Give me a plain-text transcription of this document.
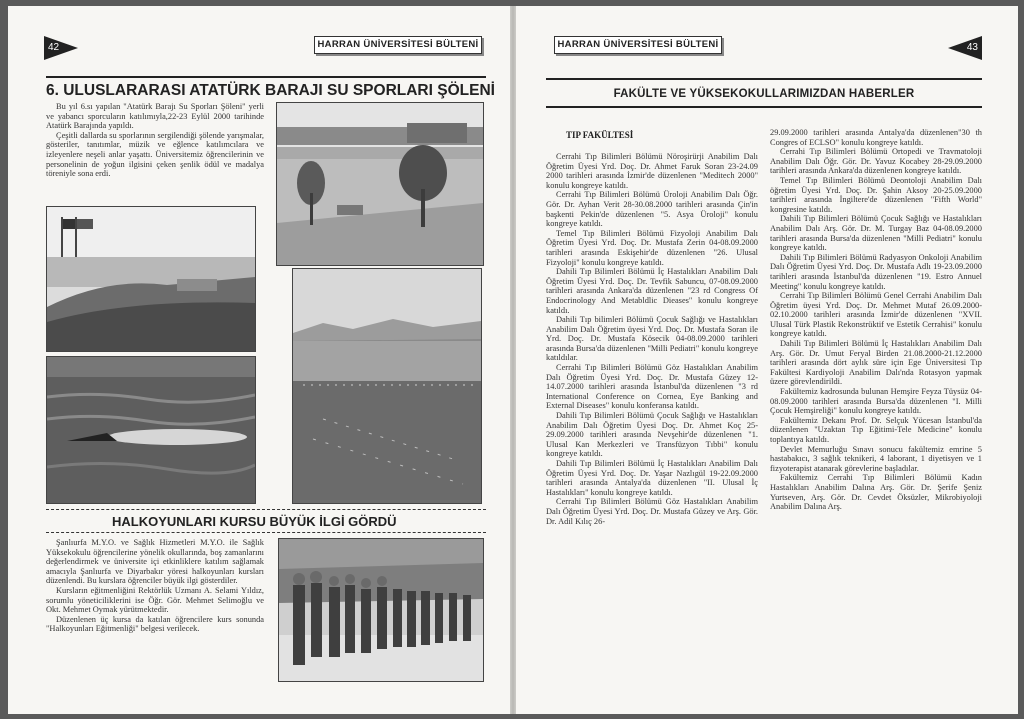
42	HARRAN ÜNİVERSİTESİ BÜLTENİ
6. ULUSLARARASI ATATÜRK BARAJI SU SPORLARI ŞÖLENİ

Bu yıl 6.sı yapılan "Atatürk Barajı Su Sporları Şöleni" yerli ve yabancı sporcuların katılımıyla,22-23 Eylül 2000 tarihinde Atatürk Barajında yapıldı.

Çeşitli dallarda su sporlarının sergilendiği şölende yarışmalar, gösteriler, tanıtımlar, müzik ve eğlence katılımcılara ve izleyenlere neşeli anlar yaşattı. Üniversitemiz öğrencilerinin ve personelinin de yoğun ilgisini çeken şenlik ödül ve madalya töreniyle sona erdi.

HALKOYUNLARI KURSU BÜYÜK İLGİ GÖRDÜ

Şanlıurfa M.Y.O. ve Sağlık Hizmetleri M.Y.O. ile Sağlık Yüksekokulu öğrencilerine yönelik okullarında, boş zamanlarını değerlendirmek ve üniversite içi etkinliklere katılım sağlamak amacıyla Şanlıurfa ve Diyarbakır yöresi halkoyunları kursları düzenlendi. Bu kurslara öğrenciler büyük ilgi gösterdiler.

Kursların eğitmenliğini Rektörlük Uzmanı A. Selami Yıldız, sorumlu yöneticiliklerini ise Öğr. Gör. Mehmet Selimoğlu ve Okt. Mehmet Oymak yürütmektedir.

Düzenlenen üç kursa da katılan öğrencilere kurs sonunda "Halkoyunları Eğitmenliği" belgesi verilecek.

HARRAN ÜNİVERSİTESİ BÜLTENİ	43
FAKÜLTE VE YÜKSEKOKULLARIMIZDAN HABERLER
TIP FAKÜLTESİ

Cerrahi Tıp Bilimleri Bölümü Nöroşirürji Anabilim Dalı Öğretim Üyesi Yrd. Doç. Dr. Ahmet Faruk Soran 23-24.09 2000 tarihleri arasında İzmir'de düzenlenen "Meditech 2000" konulu kongreye katıldı.

Cerrahi Tıp Bilimleri Bölümü Üroloji Anabilim Dalı Öğr. Gör. Dr. Ayhan Verit 28-30.08.2000 tarihleri arasında Çin'in başkenti Pekin'de düzenlenen "5. Asya Üroloji" konulu kongreye katıldı.

Temel Tıp Bilimleri Bölümü Fizyoloji Anabilim Dalı Öğretim Üyesi Yrd. Doç. Dr. Mustafa Zerin 04-08.09.2000 tarihleri arasında Eskişehir'de düzenlenen "26. Ulusal Fizyoloji" konulu kongreye katıldı.

Dahili Tıp Bilimleri Bölümü İç Hastalıkları Anabilim Dalı Öğretim Üyesi Yrd. Doç. Dr. Tevfik Sabuncu, 07-08.09.2000 tarihleri arasında Ankara'da düzenlenen "23 rd Congress Of Endocrinology And Metabldlic Dieases" konulu kongreye katıldı.

Dahili Tıp bilimleri Bölümü Çocuk Sağlığı ve Hastalıkları Anabilim Dalı Öğretim üyesi Yrd. Doç. Dr. Mustafa Soran ile Yrd. Doç. Dr. Mustafa Kösecik 04-08.09.2000 tarihleri arasında Bursa'da düzenlenen "Milli Pediatri" konulu kongreye katıldılar.

Cerrahi Tıp Bilimleri Bölümü Göz Hastalıkları Anabilim Dalı Öğretim Üyesi Yrd. Doç. Dr. Mustafa Güzey 12-14.07.2000 tarihleri arasında İstanbul'da düzenlenen "3 rd International Conference on Cornea, Eye Banking and External Diseases" konulu konferansa katıldı.

Dahili Tıp Bilimleri Bölümü Çocuk Sağlığı ve Hastalıkları Anabilim Dalı Öğretim Üyesi Doç. Dr. Ahmet Koç 25-29.09.2000 tarihleri arasında Nevşehir'de düzenlenen "1. Ulusal Kan Merkezleri ve Transfüzyon Tıbbi" konulu kongreye katıldı.

Dahili Tıp Bilimleri Bölümü İç Hastalıkları Anabilim Dalı Öğretim Üyesi Yrd. Doç. Dr. Yaşar Nazlıgül 19-22.09.2000 tarihleri arasında Antalya'da düzenlenen "II. Ulusal İç Hastalıkları" konulu kongreye katıldı.

Cerrahi Tıp Bilimleri Bölümü Göz Hastalıkları Anabilim Dalı Öğretim Üyesi Yrd. Doç. Dr. Mustafa Güzey ve Arş. Gör. Dr. Adil Kılıç 26-

29.09.2000 tarihleri arasında Antalya'da düzenlenen"30 th Congres of ECLSO" konulu kongreye katıldı.

Cerrahi Tıp Bilimleri Bölümü Ortopedi ve Travmatoloji Anabilim Dalı Öğr. Gör. Dr. Yavuz Kocabey 28-29.09.2000 tarihleri arasında Ankara'da düzenlenen kongreye katıldı.

Temel Tıp Bilimleri Bölümü Deontoloji Anabilim Dalı öğretim Üyesi Yrd. Doç. Dr. Şahin Aksoy 20-25.09.2000 tarihleri arasında İngiltere'de düzenlenen "Fifth World" kongresine katıldı.

Dahili Tıp Bilimleri Bölümü Çocuk Sağlığı ve Hastalıkları Anabilim Dalı Arş. Gör. Dr. M. Turgay Baz 04-08.09.2000 tarihleri arasında Bursa'da düzenlenen "Milli Pediatri" konulu kongreye katıldı.

Dahili Tıp Bilimleri Bölümü Radyasyon Onkoloji Anabilim Dalı Öğretim Üyesi Yrd. Doç. Dr. Mustafa Adlı 19-23.09.2000 tarihleri arasında İstanbul'da düzenlenen "19. Estro Annuel Meeting" konulu kongreye katıldı.

Cerrahi Tıp Bilimleri Bölümü Genel Cerrahi Anabilim Dalı Öğretim üyesi Yrd. Doç. Dr. Mehmet Mutaf 26.09.2000-02.10.2000 tarihleri arasında İzmir'de düzenlenen "XVII. Ulusal Türk Plastik Rekonstrüktif ve Estetik Cerrahisi" konulu kongreye katıldı.

Dahili Tıp Bilimleri Bölümü İç Hastalıkları Anabilim Dalı Arş. Gör. Dr. Umut Feryal Birden 21.08.2000-21.12.2000 tarihleri arasında dört aylık süre için Ege Üniversitesi Tıp Fakültesi Kardiyoloji Anabilim Dalı'nda Rotasyon yapmak üzere görevlendirildi.

Fakültemiz kadrosunda bulunan Hemşire Feyza Tüysüz 04-08.09.2000 tarihleri arasında Bursa'da düzenlenen "I. Milli Çocuk Hemşireliği" konulu kongreye katıldı.

Fakültemiz Dekanı Prof. Dr. Selçuk Yücesan İstanbul'da düzenlenen "Uzaktan Tıp Eğitimi-Tele Medicine" konulu toplantıya katıldı.

Devlet Memurluğu Sınavı sonucu fakültemiz emrine 5 hastabakıcı, 3 sağlık teknikeri, 4 laborant, 1 diyetisyen ve 1 fizyoterapist atanarak görevlerine başladılar.

Fakültemiz Cerrahi Tıp Bilimleri Bölümü Kadın Hastalıkları Anabilim Dalına Arş. Gör. Dr. Şerife Şeniz Yurtseven, Arş. Gör. Dr. Cevdet Öksüzler, Mikrobiyoloji Anabilim Dalına Arş.
